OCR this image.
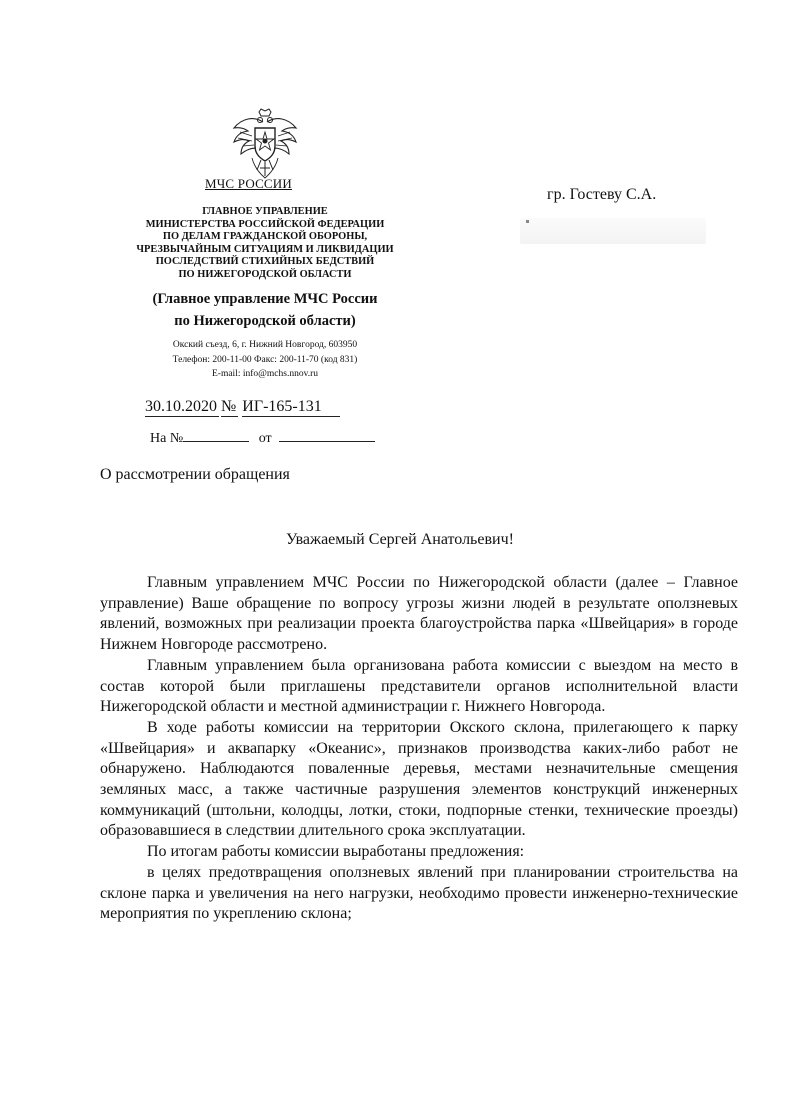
МЧС РОССИИ
ГЛАВНОЕ УПРАВЛЕНИЕ
МИНИСТЕРСТВА РОССИЙСКОЙ ФЕДЕРАЦИИ
ПО ДЕЛАМ ГРАЖДАНСКОЙ ОБОРОНЫ,
ЧРЕЗВЫЧАЙНЫМ СИТУАЦИЯМ И ЛИКВИДАЦИИ
ПОСЛЕДСТВИЙ СТИХИЙНЫХ БЕДСТВИЙ
ПО НИЖЕГОРОДСКОЙ ОБЛАСТИ
(Главное управление МЧС России
по Нижегородской области)
Окский съезд, 6, г. Нижний Новгород, 603950
Телефон: 200-11-00 Факс: 200-11-70 (код 831)
E-mail: info@mchs.nnov.ru
30.10.2020 № ИГ-165-131
На №	от
гр. Гостеву С.А.
О рассмотрении обращения
Уважаемый Сергей Анатольевич!

Главным управлением МЧС России по Нижегородской области (далее – Главное управление) Ваше обращение по вопросу угрозы жизни людей в результате оползневых явлений, возможных при реализации проекта благоустройства парка «Швейцария» в городе Нижнем Новгороде рассмотрено.

Главным управлением была организована работа комиссии с выездом на место в состав которой были приглашены представители органов исполнительной власти Нижегородской области и местной администрации г. Нижнего Новгорода.

В ходе работы комиссии на территории Окского склона, прилегающего к парку «Швейцария» и аквапарку «Океанис», признаков производства каких-либо работ не обнаружено. Наблюдаются поваленные деревья, местами незначительные смещения земляных масс, а также частичные разрушения элементов конструкций инженерных коммуникаций (штольни, колодцы, лотки, стоки, подпорные стенки, технические проезды) образовавшиеся в следствии длительного срока эксплуатации.

По итогам работы комиссии выработаны предложения:

в целях предотвращения оползневых явлений при планировании строительства на склоне парка и увеличения на него нагрузки, необходимо провести инженерно-технические мероприятия по укреплению склона;
